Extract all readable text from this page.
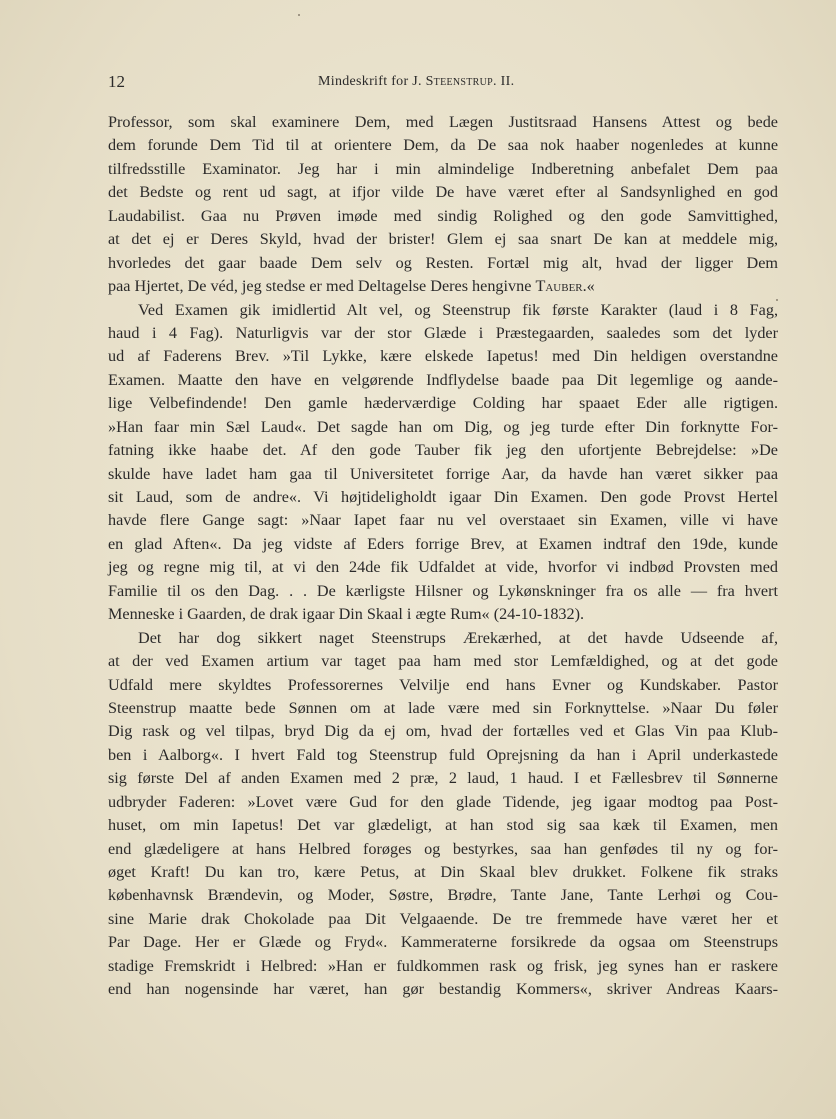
12	Mindeskrift for J. Steenstrup. II.
Professor, som skal examinere Dem, med Lægen Justitsraad Hansens Attest og bede
dem forunde Dem Tid til at orientere Dem, da De saa nok haaber nogenledes at kunne
tilfredsstille Examinator. Jeg har i min almindelige Indberetning anbefalet Dem paa
det Bedste og rent ud sagt, at ifjor vilde De have været efter al Sandsynlighed en god
Laudabilist. Gaa nu Prøven imøde med sindig Rolighed og den gode Samvittighed,
at det ej er Deres Skyld, hvad der brister! Glem ej saa snart De kan at meddele mig,
hvorledes det gaar baade Dem selv og Resten. Fortæl mig alt, hvad der ligger Dem
paa Hjertet, De véd, jeg stedse er med Deltagelse Deres hengivne Tauber.«
Ved Examen gik imidlertid Alt vel, og Steenstrup fik første Karakter (laud i 8 Fag,
haud i 4 Fag). Naturligvis var der stor Glæde i Præstegaarden, saaledes som det lyder
ud af Faderens Brev. »Til Lykke, kære elskede Iapetus! med Din heldigen overstandne
Examen. Maatte den have en velgørende Indflydelse baade paa Dit legemlige og aande-
lige Velbefindende! Den gamle hæderværdige Colding har spaaet Eder alle rigtigen.
»Han faar min Sæl Laud«. Det sagde han om Dig, og jeg turde efter Din forknytte For-
fatning ikke haabe det. Af den gode Tauber fik jeg den ufortjente Bebrejdelse: »De
skulde have ladet ham gaa til Universitetet forrige Aar, da havde han været sikker paa
sit Laud, som de andre«. Vi højtideligholdt igaar Din Examen. Den gode Provst Hertel
havde flere Gange sagt: »Naar Iapet faar nu vel overstaaet sin Examen, ville vi have
en glad Aften«. Da jeg vidste af Eders forrige Brev, at Examen indtraf den 19de, kunde
jeg og regne mig til, at vi den 24de fik Udfaldet at vide, hvorfor vi indbød Provsten med
Familie til os den Dag. . . De kærligste Hilsner og Lykønskninger fra os alle — fra hvert
Menneske i Gaarden, de drak igaar Din Skaal i ægte Rum« (24-10-1832).
Det har dog sikkert naget Steenstrups Ærekærhed, at det havde Udseende af,
at der ved Examen artium var taget paa ham med stor Lemfældighed, og at det gode
Udfald mere skyldtes Professorernes Velvilje end hans Evner og Kundskaber. Pastor
Steenstrup maatte bede Sønnen om at lade være med sin Forknyttelse. »Naar Du føler
Dig rask og vel tilpas, bryd Dig da ej om, hvad der fortælles ved et Glas Vin paa Klub-
ben i Aalborg«. I hvert Fald tog Steenstrup fuld Oprejsning da han i April underkastede
sig første Del af anden Examen med 2 præ, 2 laud, 1 haud. I et Fællesbrev til Sønnerne
udbryder Faderen: »Lovet være Gud for den glade Tidende, jeg igaar modtog paa Post-
huset, om min Iapetus! Det var glædeligt, at han stod sig saa kæk til Examen, men
end glædeligere at hans Helbred forøges og bestyrkes, saa han genfødes til ny og for-
øget Kraft! Du kan tro, kære Petus, at Din Skaal blev drukket. Folkene fik straks
københavnsk Brændevin, og Moder, Søstre, Brødre, Tante Jane, Tante Lerhøi og Cou-
sine Marie drak Chokolade paa Dit Velgaaende. De tre fremmede have været her et
Par Dage. Her er Glæde og Fryd«. Kammeraterne forsikrede da ogsaa om Steenstrups
stadige Fremskridt i Helbred: »Han er fuldkommen rask og frisk, jeg synes han er raskere
end han nogensinde har været, han gør bestandig Kommers«, skriver Andreas Kaars-
